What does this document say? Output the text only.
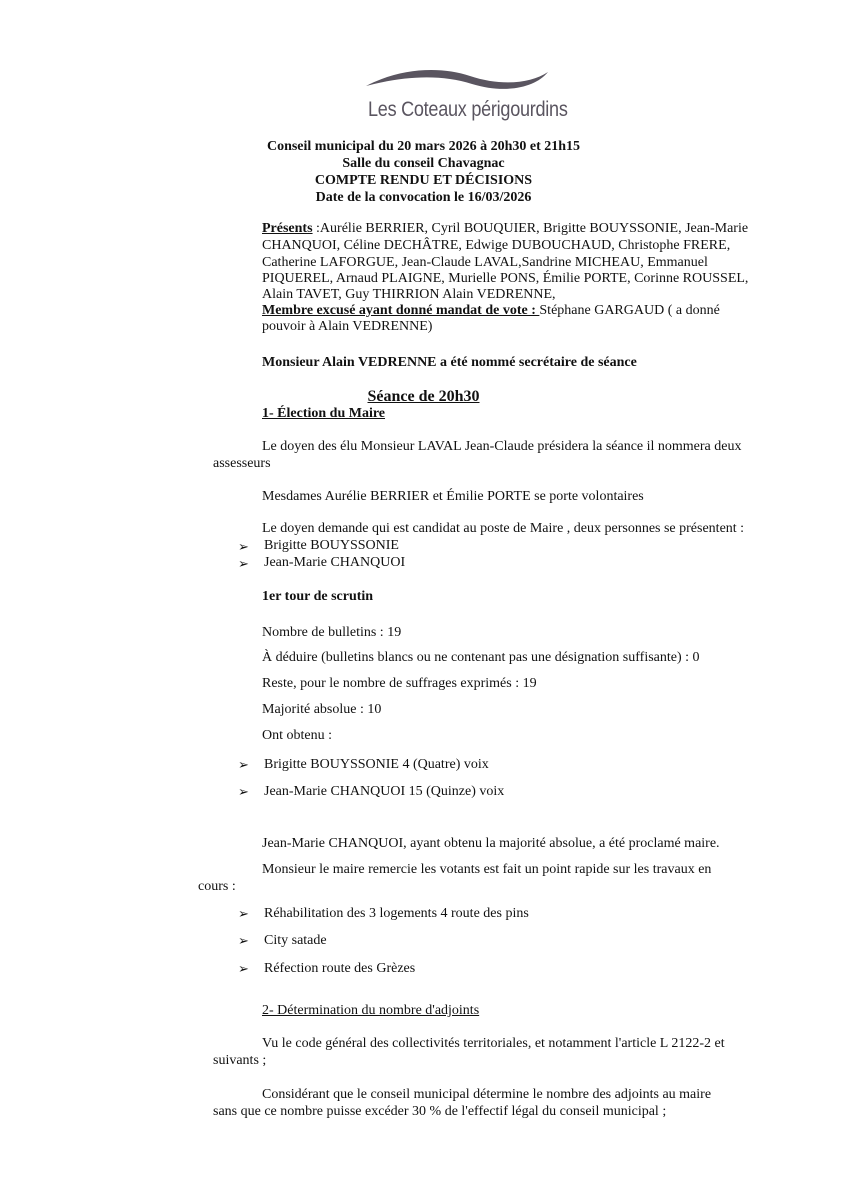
Les Coteaux périgourdins
Conseil municipal du 20 mars 2026 à 20h30 et 21h15
Salle du conseil Chavagnac
COMPTE RENDU ET DÉCISIONS
Date de la convocation le 16/03/2026
Présents :Aurélie BERRIER, Cyril BOUQUIER, Brigitte BOUYSSONIE, Jean-Marie
CHANQUOI, Céline DECHÂTRE, Edwige DUBOUCHAUD, Christophe FRERE,
Catherine LAFORGUE, Jean-Claude LAVAL,Sandrine MICHEAU, Emmanuel
PIQUEREL, Arnaud PLAIGNE, Murielle PONS, Émilie PORTE, Corinne ROUSSEL,
Alain TAVET, Guy THIRRION Alain VEDRENNE,
Membre excusé ayant donné mandat de vote : Stéphane GARGAUD ( a donné
pouvoir à Alain VEDRENNE)
Monsieur Alain VEDRENNE a été nommé secrétaire de séance
Séance de 20h30
1- Élection du Maire
Le doyen des élu Monsieur LAVAL Jean-Claude présidera la séance il nommera deux
assesseurs
Mesdames Aurélie BERRIER et Émilie PORTE se porte volontaires
Le doyen demande qui est candidat au poste de Maire , deux personnes se présentent :
➢ Brigitte BOUYSSONIE
➢ Jean-Marie CHANQUOI
1er tour de scrutin
Nombre de bulletins : 19
À déduire (bulletins blancs ou ne contenant pas une désignation suffisante) : 0
Reste, pour le nombre de suffrages exprimés : 19
Majorité absolue : 10
Ont obtenu :
➢ Brigitte BOUYSSONIE 4 (Quatre) voix
➢ Jean-Marie CHANQUOI 15 (Quinze) voix
Jean-Marie CHANQUOI, ayant obtenu la majorité absolue, a été proclamé maire.
Monsieur le maire remercie les votants est fait un point rapide sur les travaux en
cours :
➢ Réhabilitation des 3 logements 4 route des pins
➢ City satade
➢ Réfection route des Grèzes
2- Détermination du nombre d'adjoints
Vu le code général des collectivités territoriales, et notamment l'article L 2122-2 et
suivants ;
Considérant que le conseil municipal détermine le nombre des adjoints au maire
sans que ce nombre puisse excéder 30 % de l'effectif légal du conseil municipal ;
